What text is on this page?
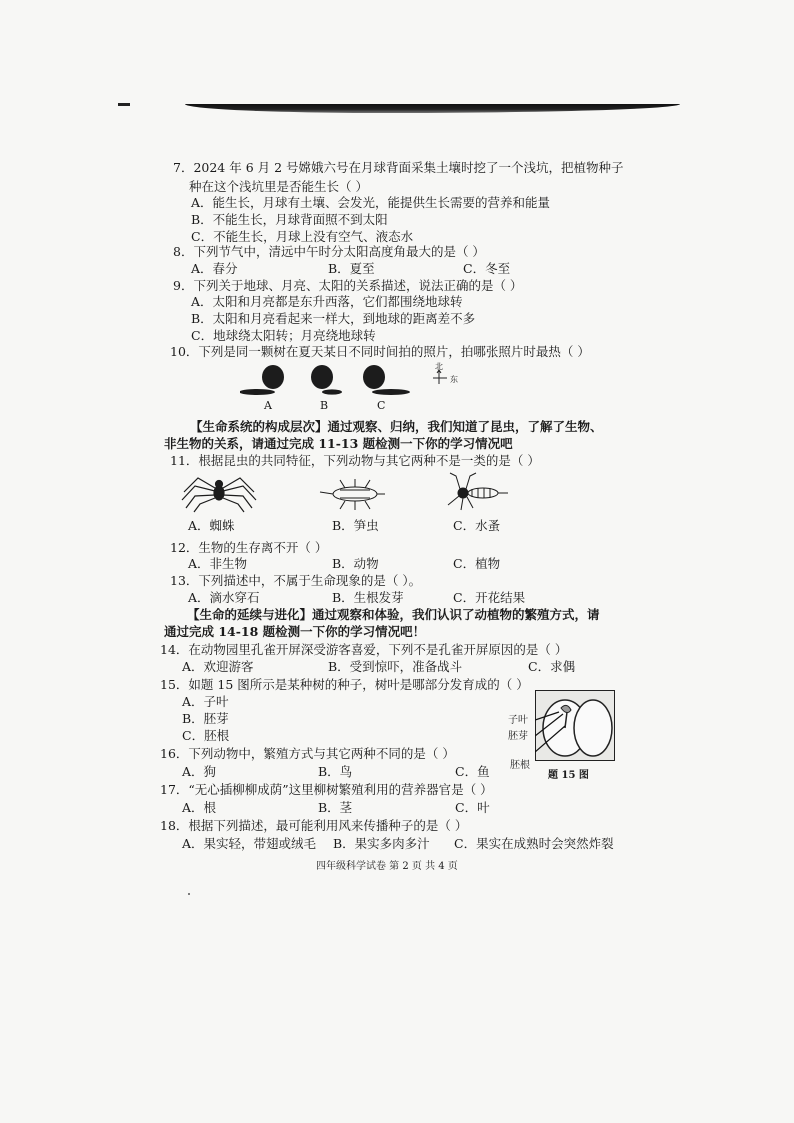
7．2024 年 6 月 2 号嫦娥六号在月球背面采集土壤时挖了一个浅坑，把植物种子
种在这个浅坑里是否能生长（ ）
A．能生长，月球有土壤、会发光，能提供生长需要的营养和能量
B．不能生长，月球背面照不到太阳
C．不能生长，月球上没有空气、液态水
8．下列节气中，清远中午时分太阳高度角最大的是（ ）
A．春分	B．夏至	C．冬至
9．下列关于地球、月亮、太阳的关系描述，说法正确的是（ ）
A．太阳和月亮都是东升西落，它们都围绕地球转
B．太阳和月亮看起来一样大，到地球的距离差不多
C．地球绕太阳转；月亮绕地球转
10．下列是同一颗树在夏天某日不同时间拍的照片，拍哪张照片时最热（ ）
北
东
A	B	C
【生命系统的构成层次】通过观察、归纳，我们知道了昆虫，了解了生物、
非生物的关系，请通过完成 11-13 题检测一下你的学习情况吧
11．根据昆虫的共同特征，下列动物与其它两种不是一类的是（ ）
A．蜘蛛	B．笋虫	C．水蚤
12．生物的生存离不开（ ）
A．非生物	B．动物	C．植物
13．下列描述中，不属于生命现象的是（ ）。
A．滴水穿石	B．生根发芽	C．开花结果
【生命的延续与进化】通过观察和体验，我们认识了动植物的繁殖方式，请
通过完成 14-18 题检测一下你的学习情况吧！
14．在动物园里孔雀开屏深受游客喜爱，下列不是孔雀开屏原因的是（ ）
A．欢迎游客	B．受到惊吓，准备战斗	C．求偶
15．如题 15 图所示是某种树的种子，树叶是哪部分发育成的（ ）
A．子叶
B．胚芽
C．胚根
子叶
胚芽
胚根
题 15 图
16．下列动物中，繁殖方式与其它两种不同的是（ ）
A．狗	B．鸟	C．鱼
17．“无心插柳柳成荫”这里柳树繁殖利用的营养器官是（ ）
A．根	B．茎	C．叶
18．根据下列描述，最可能利用风来传播种子的是（ ）
A．果实轻，带翅或绒毛 B．果实多肉多汁 C．果实在成熟时会突然炸裂
四年级科学试卷 第 2 页 共 4 页
